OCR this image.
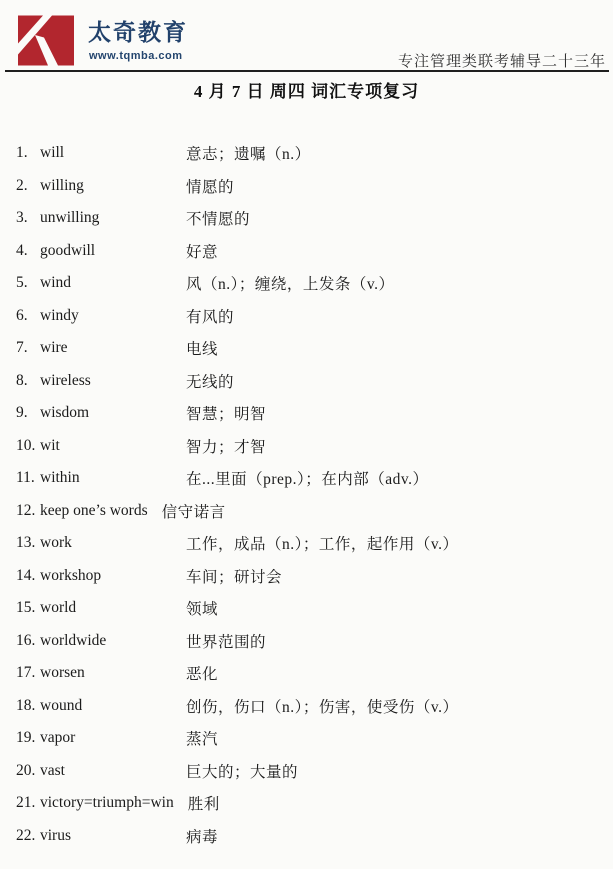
太奇教育
www.tqmba.com	专注管理类联考辅导二十三年
4 月 7 日 周四 词汇专项复习
1. will	意志；遗嘱（n.）
2. willing	情愿的
3. unwilling	不情愿的
4. goodwill	好意
5. wind	风（n.）；缠绕，上发条（v.）
6. windy	有风的
7. wire	电线
8. wireless	无线的
9. wisdom	智慧；明智
10. wit	智力；才智
11. within	在...里面（prep.）；在内部（adv.）
12. keep one’s words 信守诺言
13. work	工作，成品（n.）；工作，起作用（v.）
14. workshop	车间；研讨会
15. world	领域
16. worldwide	世界范围的
17. worsen	恶化
18. wound	创伤，伤口（n.）；伤害，使受伤（v.）
19. vapor	蒸汽
20. vast	巨大的；大量的
21. victory=triumph=win 胜利
22. virus	病毒
